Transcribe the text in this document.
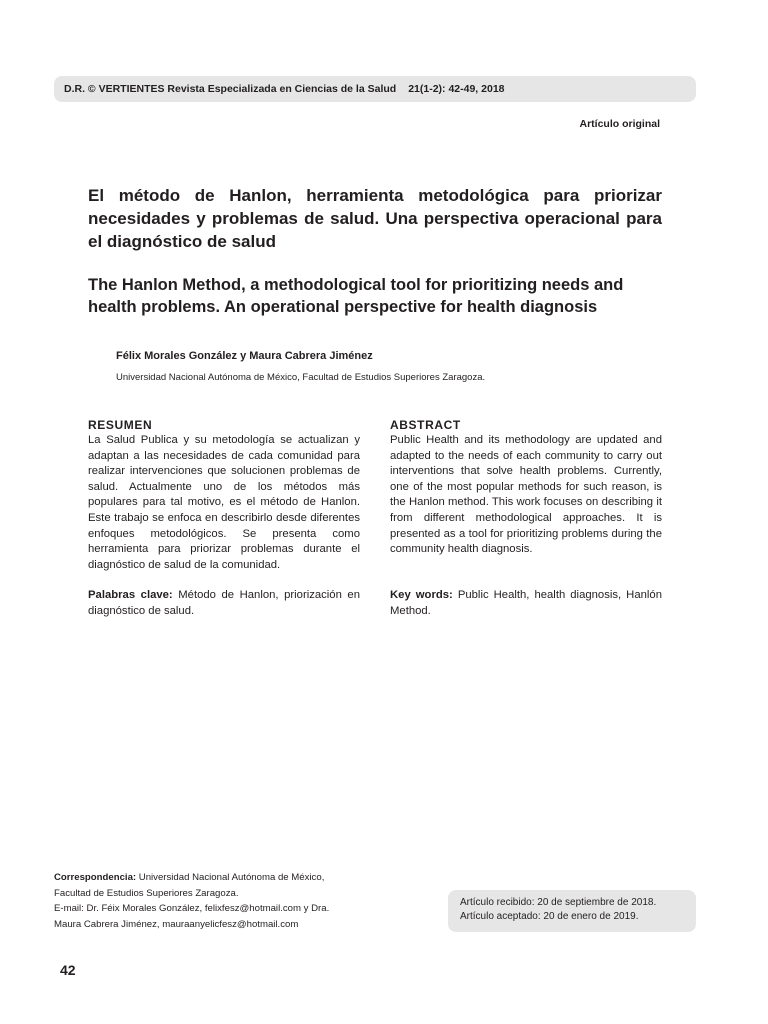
D.R. © VERTIENTES Revista Especializada en Ciencias de la Salud 21(1-2): 42-49, 2018
Artículo original
El método de Hanlon, herramienta metodológica para priorizar necesidades y problemas de salud. Una perspectiva operacional para el diagnóstico de salud
The Hanlon Method, a methodological tool for prioritizing needs and health problems. An operational perspective for health diagnosis
Félix Morales González y Maura Cabrera Jiménez
Universidad Nacional Autónoma de México, Facultad de Estudios Superiores Zaragoza.
RESUMEN

La Salud Publica y su metodología se actualizan y adaptan a las necesidades de cada comunidad para realizar intervenciones que solucionen problemas de salud. Actualmente uno de los métodos más populares para tal motivo, es el método de Hanlon. Este trabajo se enfoca en describirlo desde diferentes enfoques metodológicos. Se presenta como herramienta para priorizar problemas durante el diagnóstico de salud de la comunidad.

Palabras clave: Método de Hanlon, priorización en diagnóstico de salud.

ABSTRACT

Public Health and its methodology are updated and adapted to the needs of each community to carry out interventions that solve health problems. Currently, one of the most popular methods for such reason, is the Hanlon method. This work focuses on describing it from different methodological approaches. It is presented as a tool for prioritizing problems during the community health diagnosis.

Key words: Public Health, health diagnosis, Hanlón Method.

Correspondencia: Universidad Nacional Autónoma de México,
Facultad de Estudios Superiores Zaragoza.
E-mail: Dr. Féix Morales González, felixfesz@hotmail.com y Dra.
Maura Cabrera Jiménez, mauraanyelicfesz@hotmail.com
Artículo recibido: 20 de septiembre de 2018.
Artículo aceptado: 20 de enero de 2019.
42
